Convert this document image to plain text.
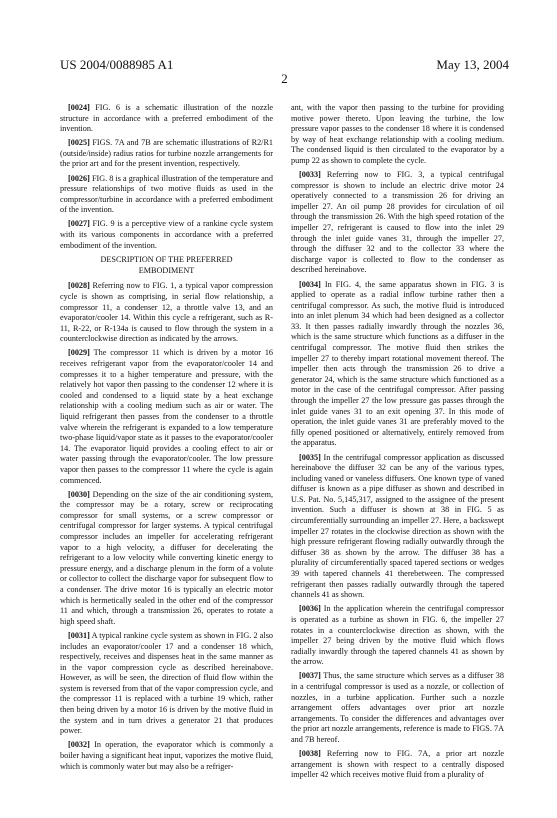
US 2004/0088985 A1	May 13, 2004
2

[0024] FIG. 6 is a schematic illustration of the nozzle structure in accordance with a preferred embodiment of the invention.

[0025] FIGS. 7A and 7B are schematic illustrations of R2/R1 (outside/inside) radius ratios for turbine nozzle arrangements for the prior art and for the present invention, respectively.

[0026] FIG. 8 is a graphical illustration of the temperature and pressure relationships of two motive fluids as used in the compressor/turbine in accordance with a preferred embodiment of the invention.

[0027] FIG. 9 is a perceptive view of a rankine cycle system with its various components in accordance with a preferred embodiment of the invention.

DESCRIPTION OF THE PREFERRED
EMBODIMENT

[0028] Referring now to FIG. 1, a typical vapor compression cycle is shown as comprising, in serial flow relationship, a compressor 11, a condenser 12, a throttle valve 13, and an evaporator/cooler 14. Within this cycle a refrigerant, such as R-11, R-22, or R-134a is caused to flow through the system in a counterclockwise direction as indicated by the arrows.

[0029] The compressor 11 which is driven by a motor 16 receives refrigerant vapor from the evaporator/cooler 14 and compresses it to a higher temperature and pressure, with the relatively hot vapor then passing to the condenser 12 where it is cooled and condensed to a liquid state by a heat exchange relationship with a cooling medium such as air or water. The liquid refrigerant then passes from the condenser to a throttle valve wherein the refrigerant is expanded to a low temperature two-phase liquid/vapor state as it passes to the evaporator/cooler 14. The evaporator liquid provides a cooling effect to air or water passing through the evaporator/cooler. The low pressure vapor then passes to the compressor 11 where the cycle is again commenced.

[0030] Depending on the size of the air conditioning system, the compressor may be a rotary, screw or reciprocating compressor for small systems, or a screw compressor or centrifugal compressor for larger systems. A typical centrifugal compressor includes an impeller for accelerating refrigerant vapor to a high velocity, a diffuser for decelerating the refrigerant to a low velocity while converting kinetic energy to pressure energy, and a discharge plenum in the form of a volute or collector to collect the discharge vapor for subsequent flow to a condenser. The drive motor 16 is typically an electric motor which is hermetically sealed in the other end of the compressor 11 and which, through a transmission 26, operates to rotate a high speed shaft.

[0031] A typical rankine cycle system as shown in FIG. 2 also includes an evaporator/cooler 17 and a condenser 18 which, respectively, receives and dispenses heat in the same manner as in the vapor compression cycle as described hereinabove. However, as will be seen, the direction of fluid flow within the system is reversed from that of the vapor compression cycle, and the compressor 11 is replaced with a turbine 19 which, rather then being driven by a motor 16 is driven by the motive fluid in the system and in turn drives a generator 21 that produces power.

[0032] In operation, the evaporator which is commonly a boiler having a significant heat input, vaporizes the motive fluid, which is commonly water but may also be a refriger-

ant, with the vapor then passing to the turbine for providing motive power thereto. Upon leaving the turbine, the low pressure vapor passes to the condenser 18 where it is condensed by way of heat exchange relationship with a cooling medium. The condensed liquid is then circulated to the evaporator by a pump 22 as shown to complete the cycle.

[0033] Referring now to FIG. 3, a typical centrifugal compressor is shown to include an electric drive motor 24 operatively connected to a transmission 26 for driving an impeller 27. An oil pump 28 provides for circulation of oil through the transmission 26. With the high speed rotation of the impeller 27, refrigerant is caused to flow into the inlet 29 through the inlet guide vanes 31, through the impeller 27, through the diffuser 32 and to the collector 33 where the discharge vapor is collected to flow to the condenser as described hereinabove.

[0034] In FIG. 4, the same apparatus shown in FIG. 3 is applied to operate as a radial inflow turbine rather then a centrifugal compressor. As such, the motive fluid is introduced into an inlet plenum 34 which had been designed as a collector 33. It then passes radially inwardly through the nozzles 36, which is the same structure which functions as a diffuser in the centrifugal compressor. The motive fluid then strikes the impeller 27 to thereby impart rotational movement thereof. The impeller then acts through the transmission 26 to drive a generator 24, which is the same structure which functioned as a motor in the case of the centrifugal compressor. After passing through the impeller 27 the low pressure gas passes through the inlet guide vanes 31 to an exit opening 37. In this mode of operation, the inlet guide vanes 31 are preferably moved to the filly opened positioned or alternatively, entirely removed from the apparatus.

[0035] In the centrifugal compressor application as discussed hereinabove the diffuser 32 can be any of the various types, including vaned or vaneless diffusers. One known type of vaned diffuser is known as a pipe diffuser as shown and described in U.S. Pat. No. 5,145,317, assigned to the assignee of the present invention. Such a diffuser is shown at 38 in FIG. 5 as circumferentially surrounding an impeller 27. Here, a backswept impeller 27 rotates in the clockwise direction as shown with the high pressure refrigerant flowing radially outwardly through the diffuser 38 as shown by the arrow. The diffuser 38 has a plurality of circumferentially spaced tapered sections or wedges 39 with tapered channels 41 therebetween. The compressed refrigerant then passes radially outwardly through the tapered channels 41 as shown.

[0036] In the application wherein the centrifugal compressor is operated as a turbine as shown in FIG. 6, the impeller 27 rotates in a counterclockwise direction as shown, with the impeller 27 being driven by the motive fluid which flows radially inwardly through the tapered channels 41 as shown by the arrow.

[0037] Thus, the same structure which serves as a diffuser 38 in a centrifugal compressor is used as a nozzle, or collection of nozzles, in a turbine application. Further such a nozzle arrangement offers advantages over prior art nozzle arrangements. To consider the differences and advantages over the prior art nozzle arrangements, reference is made to FIGS. 7A and 7B hereof.

[0038] Referring now to FIG. 7A, a prior art nozzle arrangement is shown with respect to a centrally disposed impeller 42 which receives motive fluid from a plurality of
